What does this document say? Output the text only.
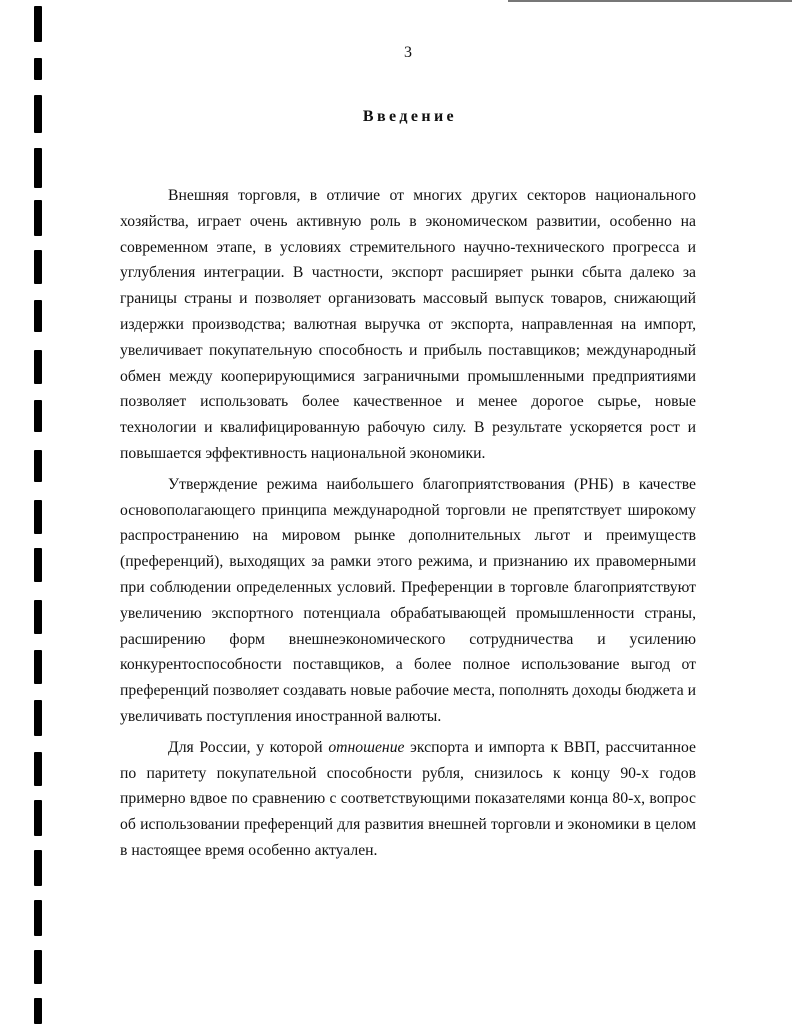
3

Введение

Внешняя торговля, в отличие от многих других секторов национального хозяйства, играет очень активную роль в экономическом развитии, особенно на современном этапе, в условиях стремительного научно-технического прогресса и углубления интеграции. В частности, экспорт расширяет рынки сбыта далеко за границы страны и позволяет организовать массовый выпуск товаров, снижающий издержки производства; валютная выручка от экспорта, направленная на импорт, увеличивает покупательную способность и прибыль поставщиков; международный обмен между кооперирующимися заграничными промышленными предприятиями позволяет использовать более качественное и менее дорогое сырье, новые технологии и квалифицированную рабочую силу. В результате ускоряется рост и повышается эффективность национальной экономики.

Утверждение режима наибольшего благоприятствования (РНБ) в качестве основополагающего принципа международной торговли не препятствует широкому распространению на мировом рынке дополнительных льгот и преимуществ (преференций), выходящих за рамки этого режима, и признанию их правомерными при соблюдении определенных условий. Преференции в торговле благоприятствуют увеличению экспортного потенциала обрабатывающей промышленности страны, расширению форм внешнеэкономического сотрудничества и усилению конкурентоспособности поставщиков, а более полное использование выгод от преференций позволяет создавать новые рабочие места, пополнять доходы бюджета и увеличивать поступления иностранной валюты.

Для России, у которой отношение экспорта и импорта к ВВП, рассчитанное по паритету покупательной способности рубля, снизилось к концу 90-х годов примерно вдвое по сравнению с соответствующими показателями конца 80-х, вопрос об использовании преференций для развития внешней торговли и экономики в целом в настоящее время особенно актуален.
